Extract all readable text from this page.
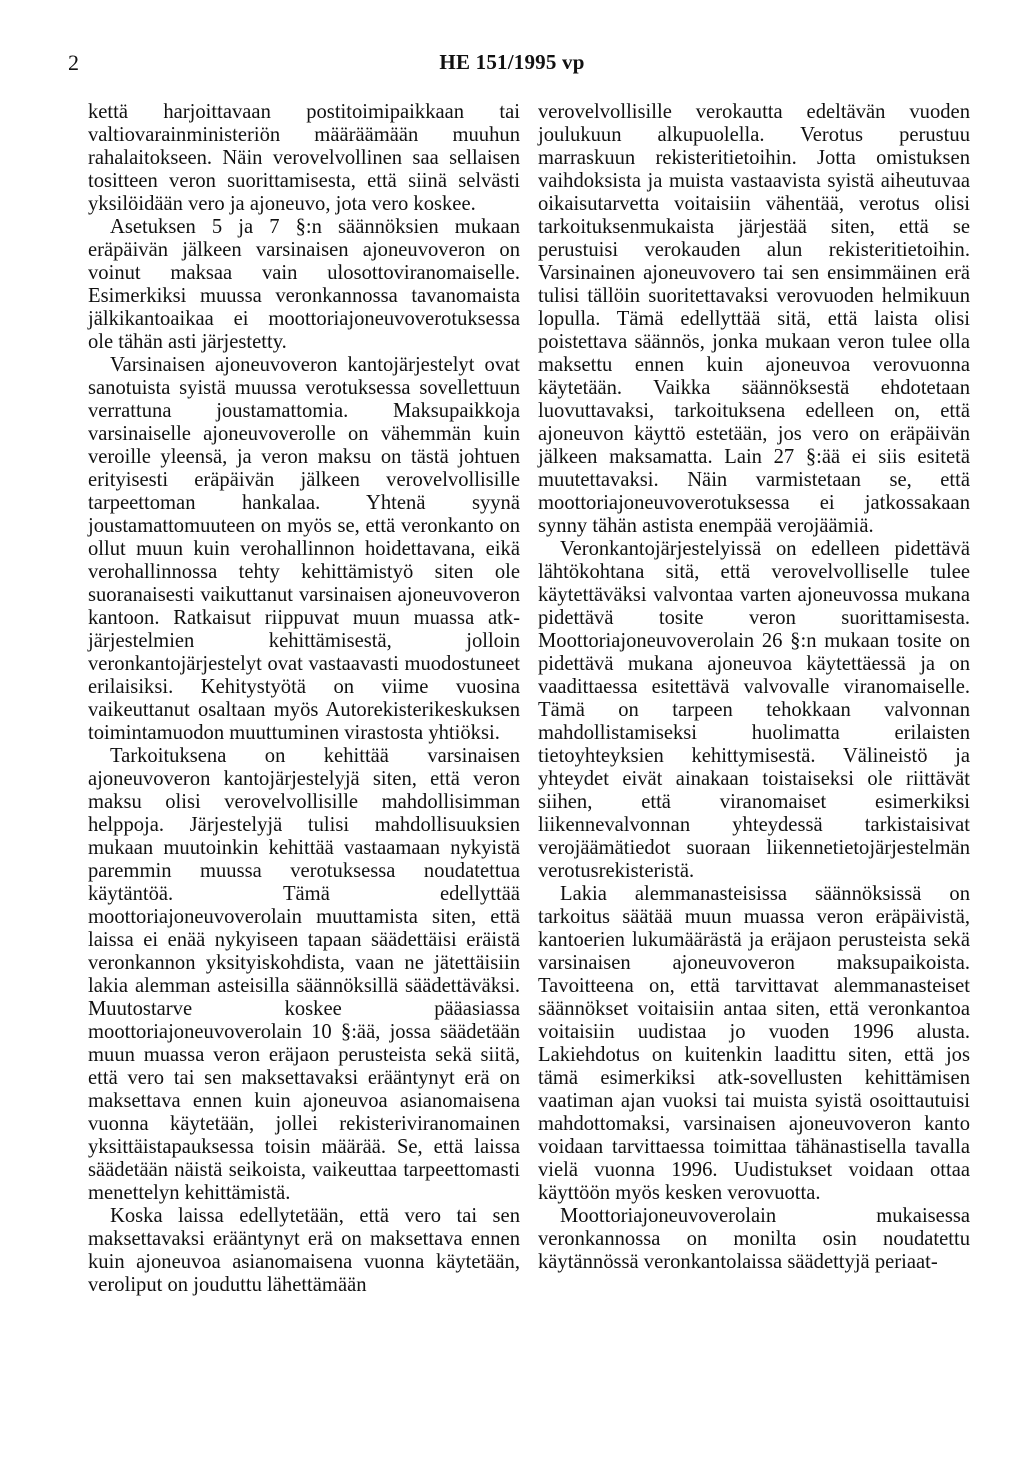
2	HE 151/1995 vp

kettä harjoittavaan postitoimipaikkaan tai valtiovarainministeriön määräämään muuhun rahalaitokseen. Näin verovelvollinen saa sellaisen tositteen veron suorittamisesta, että siinä selvästi yksilöidään vero ja ajoneuvo, jota vero koskee.

Asetuksen 5 ja 7 §:n säännöksien mukaan eräpäivän jälkeen varsinaisen ajoneuvoveron on voinut maksaa vain ulosottoviranomaiselle. Esimerkiksi muussa veronkannossa tavanomaista jälkikantoaikaa ei moottoriajoneuvoverotuksessa ole tähän asti järjestetty.

Varsinaisen ajoneuvoveron kantojärjestelyt ovat sanotuista syistä muussa verotuksessa sovellettuun verrattuna joustamattomia. Maksupaikkoja varsinaiselle ajoneuvoverolle on vähemmän kuin veroille yleensä, ja veron maksu on tästä johtuen erityisesti eräpäivän jälkeen verovelvollisille tarpeettoman hankalaa. Yhtenä syynä joustamattomuuteen on myös se, että veronkanto on ollut muun kuin verohallinnon hoidettavana, eikä verohallinnossa tehty kehittämistyö siten ole suoranaisesti vaikuttanut varsinaisen ajoneuvoveron kantoon. Ratkaisut riippuvat muun muassa atk-järjestelmien kehittämisestä, jolloin veronkantojärjestelyt ovat vastaavasti muodostuneet erilaisiksi. Kehitystyötä on viime vuosina vaikeuttanut osaltaan myös Autorekisterikeskuksen toimintamuodon muuttuminen virastosta yhtiöksi.

Tarkoituksena on kehittää varsinaisen ajoneuvoveron kantojärjestelyjä siten, että veron maksu olisi verovelvollisille mahdollisimman helppoja. Järjestelyjä tulisi mahdollisuuksien mukaan muutoinkin kehittää vastaamaan nykyistä paremmin muussa verotuksessa noudatettua käytäntöä. Tämä edellyttää moottoriajoneuvoverolain muuttamista siten, että laissa ei enää nykyiseen tapaan säädettäisi eräistä veronkannon yksityiskohdista, vaan ne jätettäisiin lakia alemman asteisilla säännöksillä säädettäväksi. Muutostarve koskee pääasiassa moottoriajoneuvoverolain 10 §:ää, jossa säädetään muun muassa veron eräjaon perusteista sekä siitä, että vero tai sen maksettavaksi erääntynyt erä on maksettava ennen kuin ajoneuvoa asianomaisena vuonna käytetään, jollei rekisteriviranomainen yksittäistapauksessa toisin määrää. Se, että laissa säädetään näistä seikoista, vaikeuttaa tarpeettomasti menettelyn kehittämistä.

Koska laissa edellytetään, että vero tai sen maksettavaksi erääntynyt erä on maksettava ennen kuin ajoneuvoa asianomaisena vuonna käytetään, veroliput on jouduttu lähettämään

verovelvollisille verokautta edeltävän vuoden joulukuun alkupuolella. Verotus perustuu marraskuun rekisteritietoihin. Jotta omistuksen vaihdoksista ja muista vastaavista syistä aiheutuvaa oikaisutarvetta voitaisiin vähentää, verotus olisi tarkoituksenmukaista järjestää siten, että se perustuisi verokauden alun rekisteritietoihin. Varsinainen ajoneuvovero tai sen ensimmäinen erä tulisi tällöin suoritettavaksi verovuoden helmikuun lopulla. Tämä edellyttää sitä, että laista olisi poistettava säännös, jonka mukaan veron tulee olla maksettu ennen kuin ajoneuvoa verovuonna käytetään. Vaikka säännöksestä ehdotetaan luovuttavaksi, tarkoituksena edelleen on, että ajoneuvon käyttö estetään, jos vero on eräpäivän jälkeen maksamatta. Lain 27 §:ää ei siis esitetä muutettavaksi. Näin varmistetaan se, että moottoriajoneuvoverotuksessa ei jatkossakaan synny tähän astista enempää verojäämiä.

Veronkantojärjestelyissä on edelleen pidettävä lähtökohtana sitä, että verovelvolliselle tulee käytettäväksi valvontaa varten ajoneuvossa mukana pidettävä tosite veron suorittamisesta. Moottoriajoneuvoverolain 26 §:n mukaan tosite on pidettävä mukana ajoneuvoa käytettäessä ja on vaadittaessa esitettävä valvovalle viranomaiselle. Tämä on tarpeen tehokkaan valvonnan mahdollistamiseksi huolimatta erilaisten tietoyhteyksien kehittymisestä. Välineistö ja yhteydet eivät ainakaan toistaiseksi ole riittävät siihen, että viranomaiset esimerkiksi liikennevalvonnan yhteydessä tarkistaisivat verojäämätiedot suoraan liikennetietojärjestelmän verotusrekisteristä.

Lakia alemmanasteisissa säännöksissä on tarkoitus säätää muun muassa veron eräpäivistä, kantoerien lukumäärästä ja eräjaon perusteista sekä varsinaisen ajoneuvoveron maksupaikoista. Tavoitteena on, että tarvittavat alemmanasteiset säännökset voitaisiin antaa siten, että veronkantoa voitaisiin uudistaa jo vuoden 1996 alusta. Lakiehdotus on kuitenkin laadittu siten, että jos tämä esimerkiksi atk-sovellusten kehittämisen vaatiman ajan vuoksi tai muista syistä osoittautuisi mahdottomaksi, varsinaisen ajoneuvoveron kanto voidaan tarvittaessa toimittaa tähänastisella tavalla vielä vuonna 1996. Uudistukset voidaan ottaa käyttöön myös kesken verovuotta.

Moottoriajoneuvoverolain mukaisessa veronkannossa on monilta osin noudatettu käytännössä veronkantolaissa säädettyjä periaat-
